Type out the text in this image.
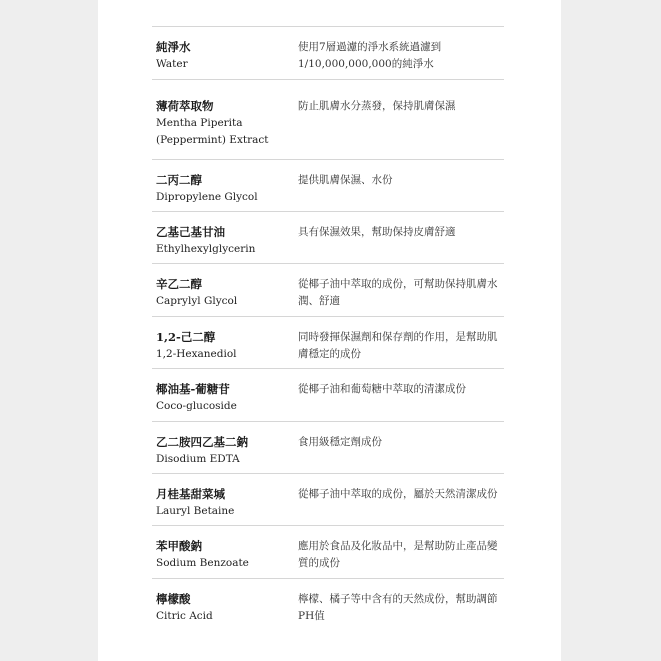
純淨水
Water
使用7層過濾的淨水系統過濾到 1/10,000,000,000的純淨水
薄荷萃取物
Mentha Piperita (Peppermint) Extract
防止肌膚水分蒸發，保持肌膚保濕
二丙二醇
Dipropylene Glycol
提供肌膚保濕、水份
乙基己基甘油
Ethylhexylglycerin
具有保濕效果，幫助保持皮膚舒適
辛乙二醇
Caprylyl Glycol
從椰子油中萃取的成份，可幫助保持肌膚水潤、舒適
1,2-己二醇
1,2-Hexanediol
同時發揮保濕劑和保存劑的作用，是幫助肌膚穩定的成份
椰油基-葡糖苷
Coco-glucoside
從椰子油和葡萄糖中萃取的清潔成份
乙二胺四乙基二鈉
Disodium EDTA
食用級穩定劑成份
月桂基甜菜堿
Lauryl Betaine
從椰子油中萃取的成份，屬於天然清潔成份
苯甲酸鈉
Sodium Benzoate
應用於食品及化妝品中，是幫助防止產品變質的成份
檸檬酸
Citric Acid
檸檬、橘子等中含有的天然成份，幫助調節PH值
